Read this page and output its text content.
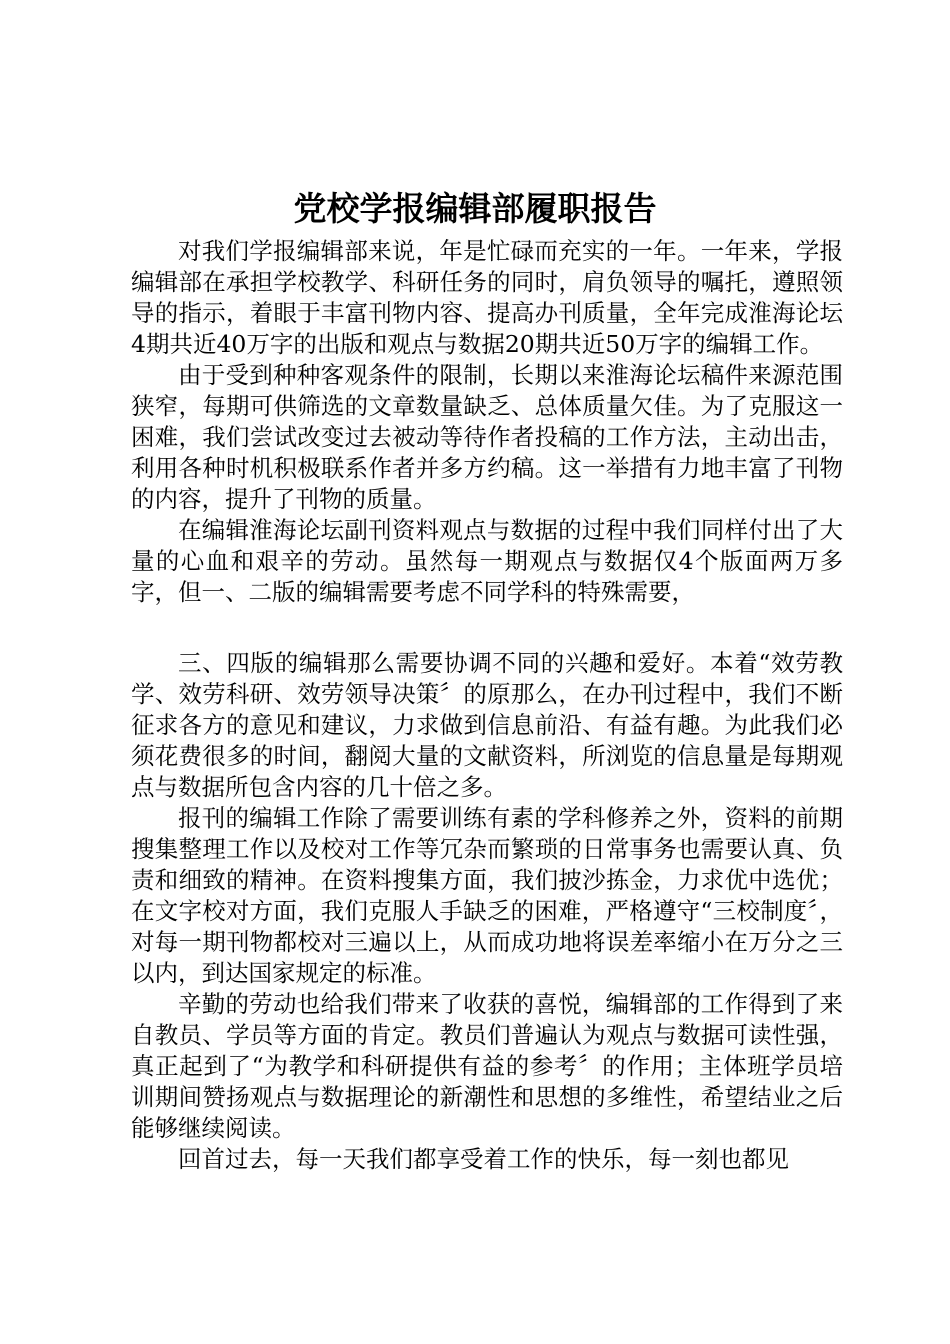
党校学报编辑部履职报告

对我们学报编辑部来说，年是忙碌而充实的一年。一年来，学报编辑部在承担学校教学、科研任务的同时，肩负领导的嘱托，遵照领导的指示，着眼于丰富刊物内容、提高办刊质量，全年完成淮海论坛4期共近40万字的出版和观点与数据20期共近50万字的编辑工作。

由于受到种种客观条件的限制，长期以来淮海论坛稿件来源范围狭窄，每期可供筛选的文章数量缺乏、总体质量欠佳。为了克服这一困难，我们尝试改变过去被动等待作者投稿的工作方法，主动出击，利用各种时机积极联系作者并多方约稿。这一举措有力地丰富了刊物的内容，提升了刊物的质量。

在编辑淮海论坛副刊资料观点与数据的过程中我们同样付出了大量的心血和艰辛的劳动。虽然每一期观点与数据仅4个版面两万多字，但一、二版的编辑需要考虑不同学科的特殊需要，

三、四版的编辑那么需要协调不同的兴趣和爱好。本着“效劳教学、效劳科研、效劳领导决策〞的原那么，在办刊过程中，我们不断征求各方的意见和建议，力求做到信息前沿、有益有趣。为此我们必须花费很多的时间，翻阅大量的文献资料，所浏览的信息量是每期观点与数据所包含内容的几十倍之多。

报刊的编辑工作除了需要训练有素的学科修养之外，资料的前期搜集整理工作以及校对工作等冗杂而繁琐的日常事务也需要认真、负责和细致的精神。在资料搜集方面，我们披沙拣金，力求优中选优；在文字校对方面，我们克服人手缺乏的困难，严格遵守“三校制度〞，对每一期刊物都校对三遍以上，从而成功地将误差率缩小在万分之三以内，到达国家规定的标准。

辛勤的劳动也给我们带来了收获的喜悦，编辑部的工作得到了来自教员、学员等方面的肯定。教员们普遍认为观点与数据可读性强，真正起到了“为教学和科研提供有益的参考〞的作用；主体班学员培训期间赞扬观点与数据理论的新潮性和思想的多维性，希望结业之后能够继续阅读。

回首过去，每一天我们都享受着工作的快乐，每一刻也都见
